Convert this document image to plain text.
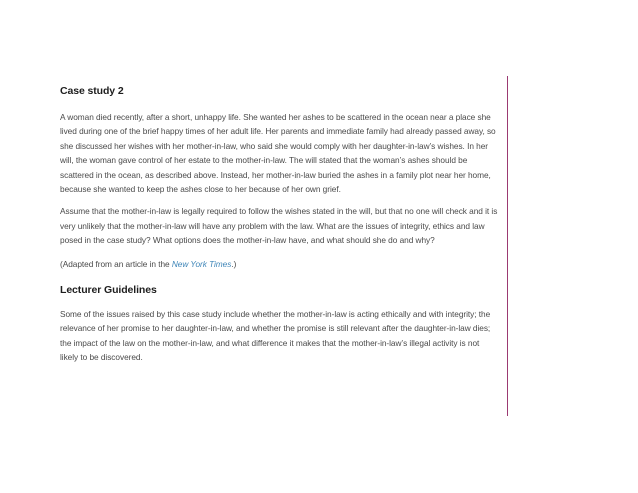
Case study 2

A woman died recently, after a short, unhappy life. She wanted her ashes to be scattered in the ocean near a place she lived during one of the brief happy times of her adult life. Her parents and immediate family had already passed away, so she discussed her wishes with her mother-in-law, who said she would comply with her daughter-in-law’s wishes. In her will, the woman gave control of her estate to the mother-in-law. The will stated that the woman’s ashes should be scattered in the ocean, as described above. Instead, her mother-in-law buried the ashes in a family plot near her home, because she wanted to keep the ashes close to her because of her own grief.

Assume that the mother-in-law is legally required to follow the wishes stated in the will, but that no one will check and it is very unlikely that the mother-in-law will have any problem with the law. What are the issues of integrity, ethics and law posed in the case study? What options does the mother-in-law have, and what should she do and why?

(Adapted from an article in the New York Times.)

Lecturer Guidelines

Some of the issues raised by this case study include whether the mother-in-law is acting ethically and with integrity; the relevance of her promise to her daughter-in-law, and whether the promise is still relevant after the daughter-in-law dies; the impact of the law on the mother-in-law, and what difference it makes that the mother-in-law’s illegal activity is not likely to be discovered.
